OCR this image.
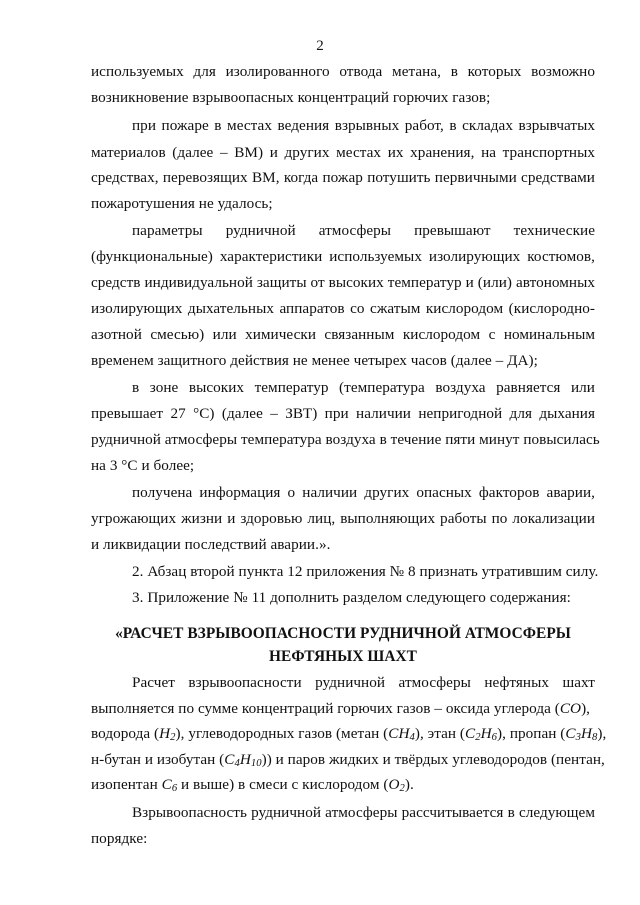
2
используемых для изолированного отвода метана, в которых возможно
возникновение взрывоопасных концентраций горючих газов;
при пожаре в местах ведения взрывных работ, в складах взрывчатых
материалов (далее – ВМ) и других местах их хранения, на транспортных
средствах, перевозящих ВМ, когда пожар потушить первичными средствами
пожаротушения не удалось;
параметры рудничной атмосферы превышают технические
(функциональные) характеристики используемых изолирующих костюмов,
средств индивидуальной защиты от высоких температур и (или) автономных
изолирующих дыхательных аппаратов со сжатым кислородом (кислородно-
азотной смесью) или химически связанным кислородом с номинальным
временем защитного действия не менее четырех часов (далее – ДА);
в зоне высоких температур (температура воздуха равняется или
превышает 27 °С) (далее – ЗВТ) при наличии непригодной для дыхания
рудничной атмосферы температура воздуха в течение пяти минут повысилась
на 3 °С и более;
получена информация о наличии других опасных факторов аварии,
угрожающих жизни и здоровью лиц, выполняющих работы по локализации
и ликвидации последствий аварии.».
2. Абзац второй пункта 12 приложения № 8 признать утратившим силу.
3. Приложение № 11 дополнить разделом следующего содержания:
«РАСЧЕТ ВЗРЫВООПАСНОСТИ РУДНИЧНОЙ АТМОСФЕРЫ
НЕФТЯНЫХ ШАХТ
Расчет взрывоопасности рудничной атмосферы нефтяных шахт
выполняется по сумме концентраций горючих газов – оксида углерода (CO),
водорода $(H_2)$, углеводородных газов (метан $(CH_4)$, этан $(C_2H_6)$, пропан $(C_3H_8)$,
н-бутан и изобутан $(C_4H_{10})$) и паров жидких и твёрдых углеводородов (пентан,
изопентан $C_6$ и выше) в смеси с кислородом $(O_2)$.
Взрывоопасность рудничной атмосферы рассчитывается в следующем
порядке:
